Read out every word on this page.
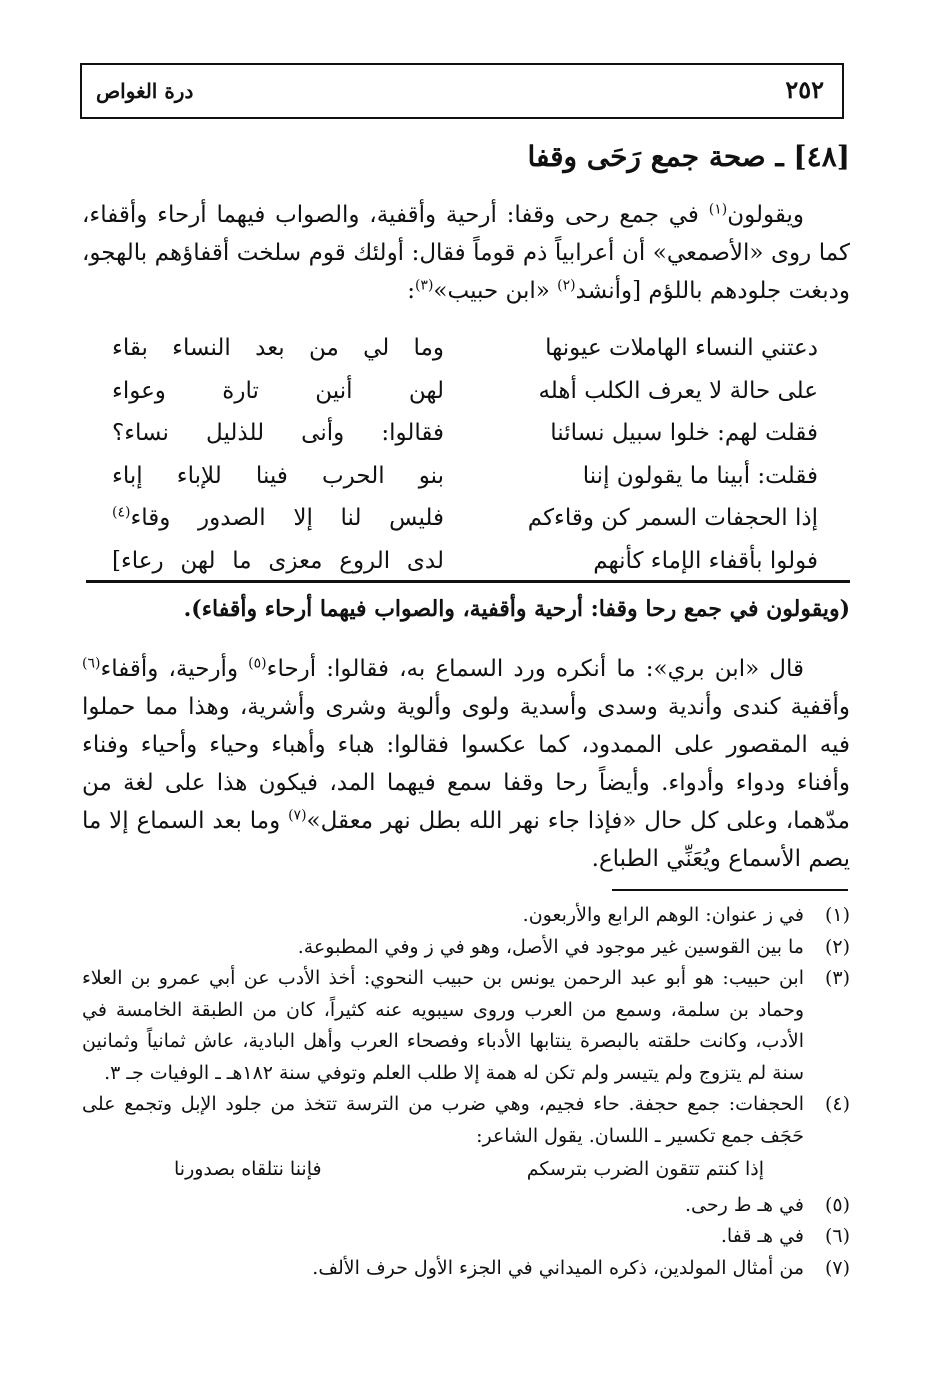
٢٥٢
درة الغواص
[٤٨] ـ صحة جمع رَحَى وقفا

ويقولون$^{(١)}$ في جمع رحى وقفا: أرحية وأقفية، والصواب فيهما أرحاء وأقفاء، كما روى «الأصمعي» أن أعرابياً ذم قوماً فقال: أولئك قوم سلخت أقفاؤهم بالهجو، ودبغت جلودهم باللؤم [وأنشد$^{(٢)}$ «ابن حبيب»$^{(٣)}$:

دعتني النساء الهاملات عيونها
وما لي من بعد النساء بقاء
على حالة لا يعرف الكلب أهله
لهن أنين تارة وعواء
فقلت لهم: خلوا سبيل نسائنا
فقالوا: وأنى للذليل نساء؟
فقلت: أبينا ما يقولون إننا
بنو الحرب فينا للإباء إباء
إذا الحجفات السمر كن وقاءكم
فليس لنا إلا الصدور وقاء$^{(٤)}$
فولوا بأقفاء الإماء كأنهم
لدى الروع معزى ما لهن رعاء]
(ويقولون في جمع رحا وقفا: أرحية وأقفية، والصواب فيهما أرحاء وأقفاء).

قال «ابن بري»: ما أنكره ورد السماع به، فقالوا: أرحاء$^{(٥)}$ وأرحية، وأقفاء$^{(٦)}$ وأقفية كندى وأندية وسدى وأسدية ولوى وألوية وشرى وأشرية، وهذا مما حملوا فيه المقصور على الممدود، كما عكسوا فقالوا: هباء وأهباء وحياء وأحياء وفناء وأفناء ودواء وأدواء. وأيضاً رحا وقفا سمع فيهما المد، فيكون هذا على لغة من مدّهما، وعلى كل حال «فإذا جاء نهر الله بطل نهر معقل»$^{(٧)}$ وما بعد السماع إلا ما يصم الأسماع ويُعَنِّي الطباع.

(١)
في ز عنوان: الوهم الرابع والأربعون.
(٢)
ما بين القوسين غير موجود في الأصل، وهو في ز وفي المطبوعة.
(٣)
ابن حبيب: هو أبو عبد الرحمن يونس بن حبيب النحوي: أخذ الأدب عن أبي عمرو بن العلاء وحماد بن سلمة، وسمع من العرب وروى سيبويه عنه كثيراً، كان من الطبقة الخامسة في الأدب، وكانت حلقته بالبصرة ينتابها الأدباء وفصحاء العرب وأهل البادية، عاش ثمانياً وثمانين سنة لم يتزوج ولم يتيسر ولم تكن له همة إلا طلب العلم وتوفي سنة ١٨٢هـ ـ الوفيات جـ ٣.
(٤)
الحجفات: جمع حجفة. حاء فجيم، وهي ضرب من الترسة تتخذ من جلود الإبل وتجمع على حَجَف جمع تكسير ـ اللسان. يقول الشاعر:
إذا كنتم تتقون الضرب بترسكم
فإننا نتلقاه بصدورنا
(٥)
في هـ ط رحى.
(٦)
في هـ قفا.
(٧)
من أمثال المولدين، ذكره الميداني في الجزء الأول حرف الألف.
